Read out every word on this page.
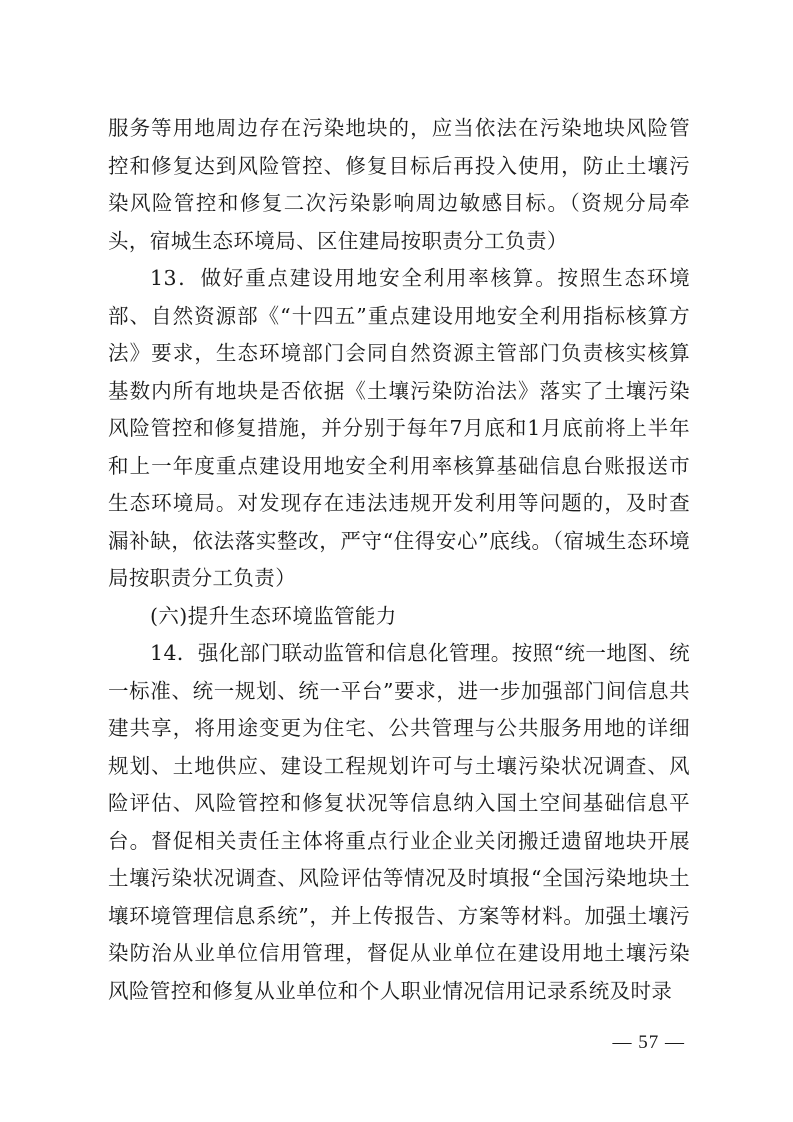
服务等用地周边存在污染地块的，应当依法在污染地块风险管控和修复达到风险管控、修复目标后再投入使用，防止土壤污染风险管控和修复二次污染影响周边敏感目标。（资规分局牵头，宿城生态环境局、区住建局按职责分工负责）

13．做好重点建设用地安全利用率核算。按照生态环境部、自然资源部《“十四五”重点建设用地安全利用指标核算方法》要求，生态环境部门会同自然资源主管部门负责核实核算基数内所有地块是否依据《土壤污染防治法》落实了土壤污染风险管控和修复措施，并分别于每年7月底和1月底前将上半年和上一年度重点建设用地安全利用率核算基础信息台账报送市生态环境局。对发现存在违法违规开发利用等问题的，及时查漏补缺，依法落实整改，严守“住得安心”底线。（宿城生态环境局按职责分工负责）

(六)提升生态环境监管能力

14．强化部门联动监管和信息化管理。按照“统一地图、统一标准、统一规划、统一平台”要求，进一步加强部门间信息共建共享，将用途变更为住宅、公共管理与公共服务用地的详细规划、土地供应、建设工程规划许可与土壤污染状况调查、风险评估、风险管控和修复状况等信息纳入国土空间基础信息平台。督促相关责任主体将重点行业企业关闭搬迁遗留地块开展土壤污染状况调查、风险评估等情况及时填报“全国污染地块土壤环境管理信息系统”，并上传报告、方案等材料。加强土壤污染防治从业单位信用管理，督促从业单位在建设用地土壤污染风险管控和修复从业单位和个人职业情况信用记录系统及时录

— 57 —
